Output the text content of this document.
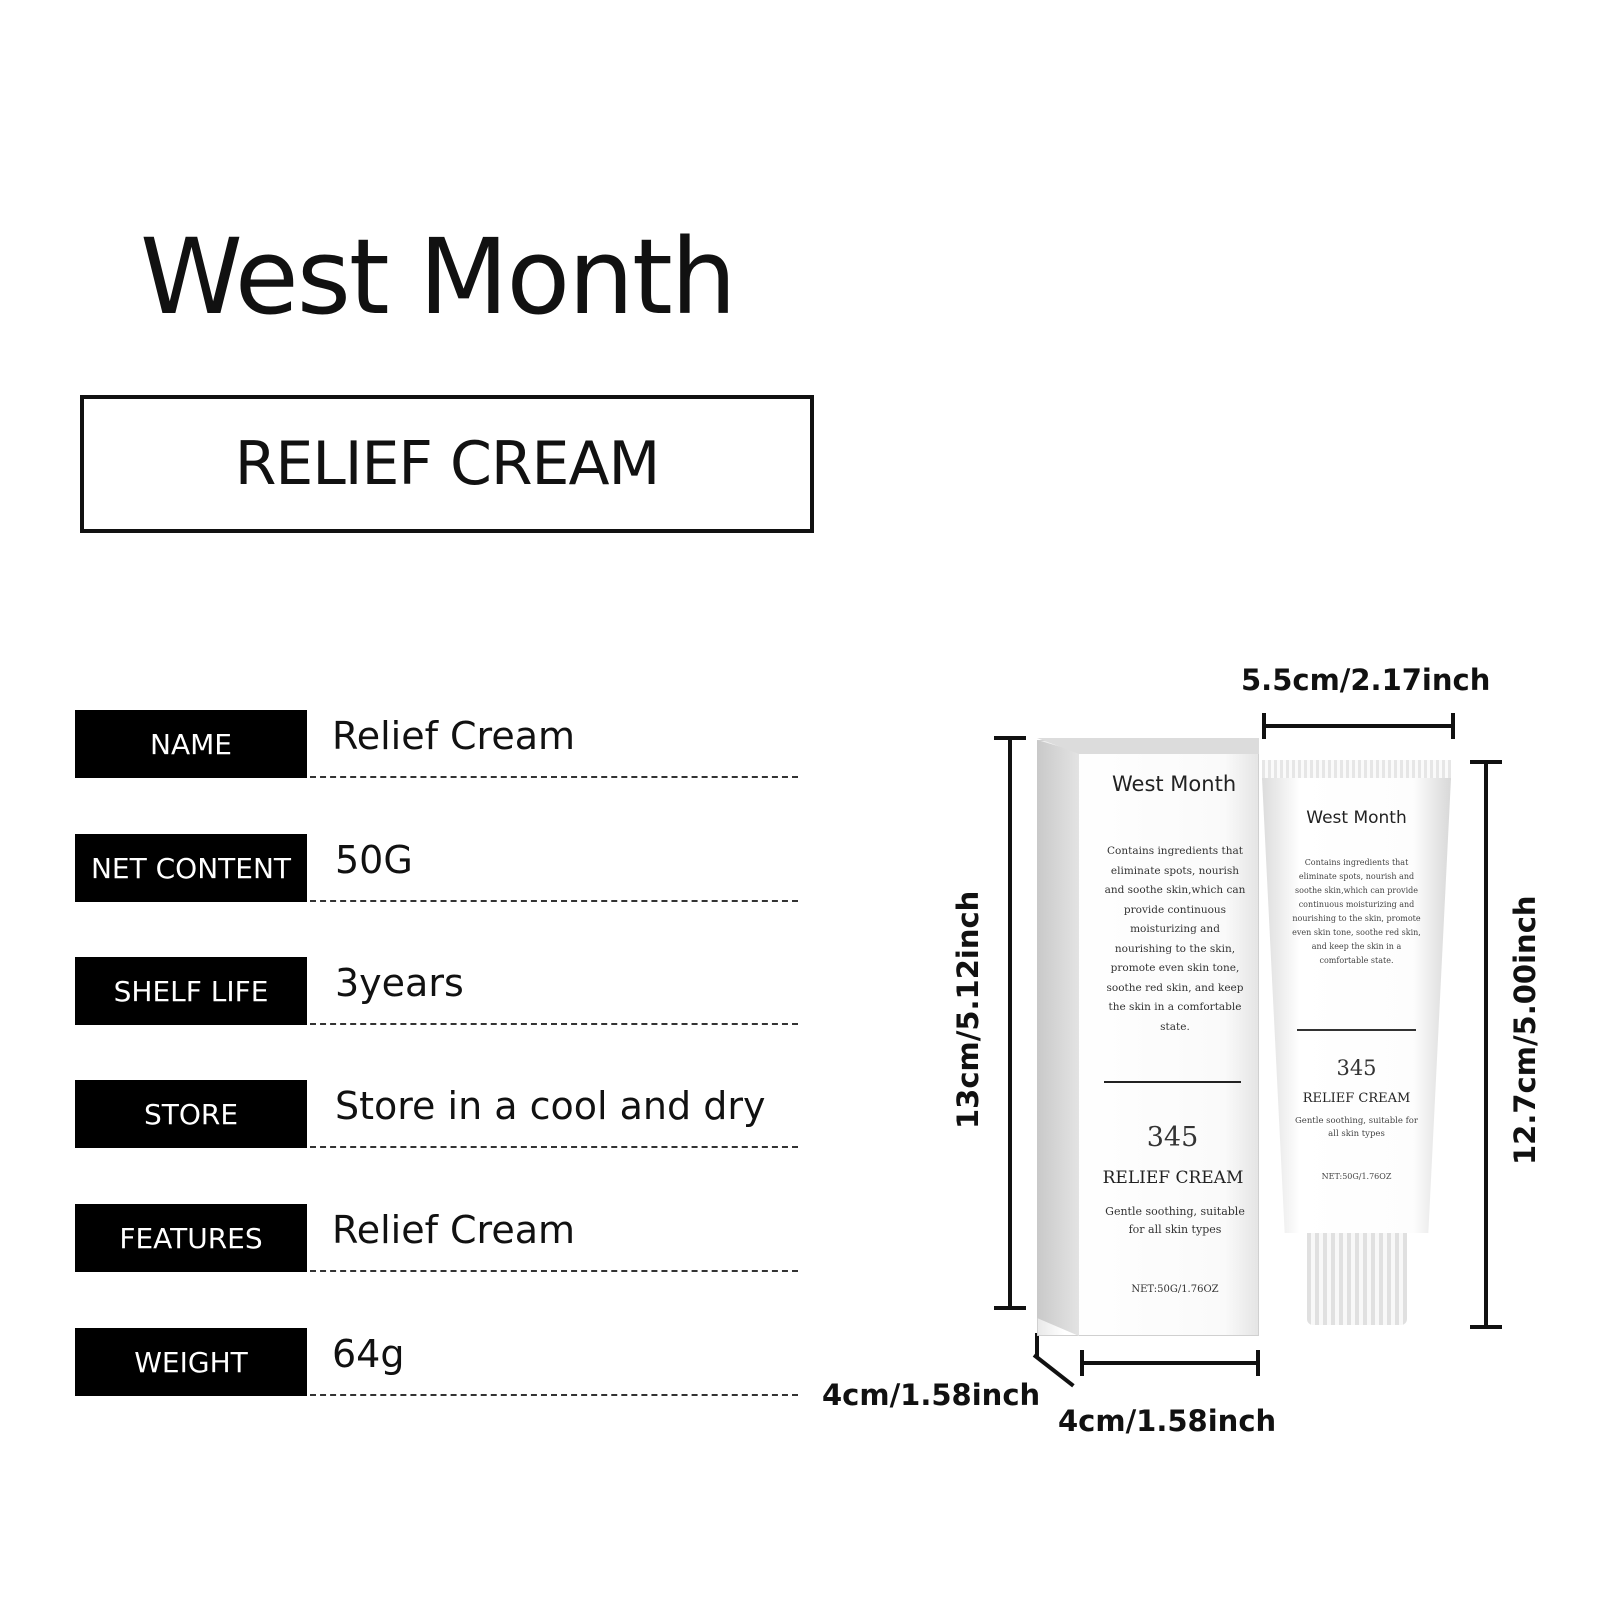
West Month
RELIEF CREAM
NAME	Relief Cream
NET CONTENT	50G
SHELF LIFE	3years
STORE	Store in a cool and dry
FEATURES	Relief Cream
WEIGHT	64g
5.5cm/2.17inch
13cm/5.12inch	12.7cm/5.00inch
4cm/1.58inch
4cm/1.58inch
West Month
Contains ingredients that eliminate spots, nourish and soothe skin,which can provide continuous moisturizing and nourishing to the skin, promote even skin tone, soothe red skin, and keep the skin in a comfortable state.
345
RELIEF CREAM
Gentle soothing, suitable for all skin types
NET:50G/1.76OZ
West Month
Contains ingredients that eliminate spots, nourish and soothe skin,which can provide continuous moisturizing and nourishing to the skin, promote even skin tone, soothe red skin, and keep the skin in a comfortable state.
345
RELIEF CREAM
Gentle soothing, suitable for all skin types
NET:50G/1.76OZ
